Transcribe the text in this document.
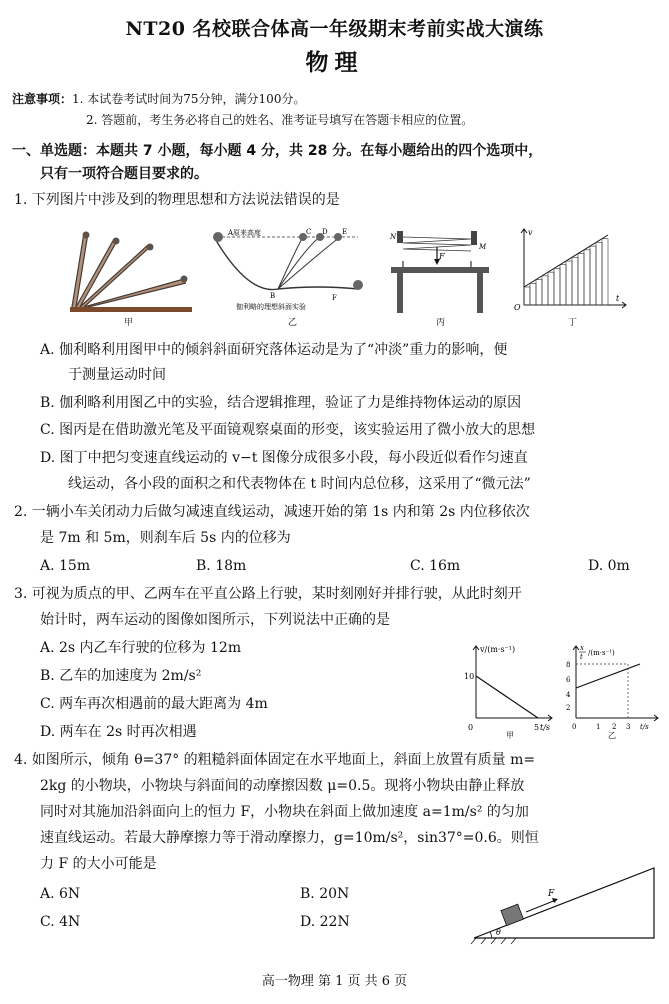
NT20 名校联合体高一年级期末考前实战大演练
物理
注意事项：1. 本试卷考试时间为75分钟，满分100分。
2. 答题前，考生务必将自己的姓名、准考证号填写在答题卡相应的位置。
一、单选题：本题共 7 小题，每小题 4 分，共 28 分。在每小题给出的四个选项中，
只有一项符合题目要求的。
1. 下列图片中涉及到的物理思想和方法说法错误的是
甲
A原来高度
B
C D E
F
伽利略的理想斜面实验
乙
F
N
M
丙
O
t
v
丁
A. 伽利略利用图甲中的倾斜斜面研究落体运动是为了“冲淡”重力的影响，便
于测量运动时间
B. 伽利略利用图乙中的实验，结合逻辑推理，验证了力是维持物体运动的原因
C. 图丙是在借助激光笔及平面镜观察桌面的形变，该实验运用了微小放大的思想
D. 图丁中把匀变速直线运动的 v−t 图像分成很多小段，每小段近似看作匀速直
线运动，各小段的面积之和代表物体在 t 时间内总位移，这采用了“微元法”
2. 一辆小车关闭动力后做匀减速直线运动，减速开始的第 1s 内和第 2s 内位移依次
是 7m 和 5m，则刹车后 5s 内的位移为
A. 15m	B. 18m	C. 16m	D. 0m
3. 可视为质点的甲、乙两车在平直公路上行驶，某时刻刚好并排行驶，从此时刻开
始计时，两车运动的图像如图所示，下列说法中正确的是
A. 2s 内乙车行驶的位移为 12m
B. 乙车的加速度为 2m/s²
C. 两车再次相遇前的最大距离为 4m
D. 两车在 2s 时再次相遇
v/(m·s⁻¹)
10
5
0	t/s
甲
x
t /(m·s⁻¹)
8
6
4
2
0	1 2 3 t/s
乙
4. 如图所示，倾角 θ=37° 的粗糙斜面体固定在水平地面上，斜面上放置有质量 m=
2kg 的小物块，小物块与斜面间的动摩擦因数 μ=0.5。现将小物块由静止释放
同时对其施加沿斜面向上的恒力 F，小物块在斜面上做加速度 a=1m/s² 的匀加
速直线运动。若最大静摩擦力等于滑动摩擦力，g=10m/s²，sin37°=0.6。则恒
力 F 的大小可能是
A. 6N	B. 20N
C. 4N	D. 22N
F
θ
高一物理 第 1 页 共 6 页
